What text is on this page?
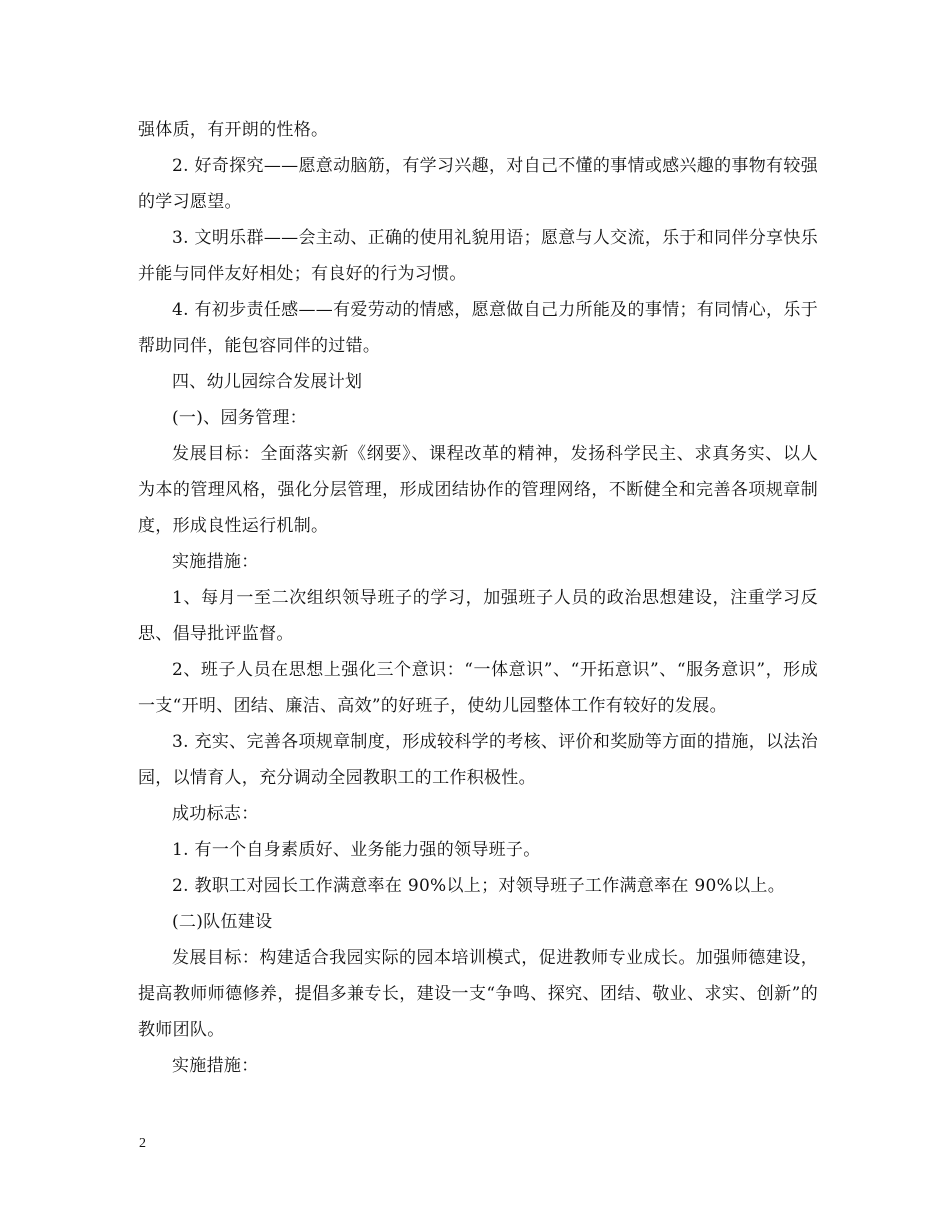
强体质，有开朗的性格。

2. 好奇探究——愿意动脑筋，有学习兴趣，对自己不懂的事情或感兴趣的事物有较强的学习愿望。

3. 文明乐群——会主动、正确的使用礼貌用语；愿意与人交流，乐于和同伴分享快乐并能与同伴友好相处；有良好的行为习惯。

4. 有初步责任感——有爱劳动的情感，愿意做自己力所能及的事情；有同情心，乐于帮助同伴，能包容同伴的过错。

四、幼儿园综合发展计划

(一)、园务管理：

发展目标：全面落实新《纲要》、课程改革的精神，发扬科学民主、求真务实、以人为本的管理风格，强化分层管理，形成团结协作的管理网络，不断健全和完善各项规章制度，形成良性运行机制。

实施措施：

1、每月一至二次组织领导班子的学习，加强班子人员的政治思想建设，注重学习反思、倡导批评监督。

2、班子人员在思想上强化三个意识：“一体意识”、“开拓意识”、“服务意识”，形成一支“开明、团结、廉洁、高效”的好班子，使幼儿园整体工作有较好的发展。

3. 充实、完善各项规章制度，形成较科学的考核、评价和奖励等方面的措施，以法治园，以情育人，充分调动全园教职工的工作积极性。

成功标志：

1. 有一个自身素质好、业务能力强的领导班子。

2. 教职工对园长工作满意率在 90%以上；对领导班子工作满意率在 90%以上。

(二)队伍建设

发展目标：构建适合我园实际的园本培训模式，促进教师专业成长。加强师德建设，提高教师师德修养，提倡多兼专长，建设一支“争鸣、探究、团结、敬业、求实、创新”的教师团队。

实施措施：

2
